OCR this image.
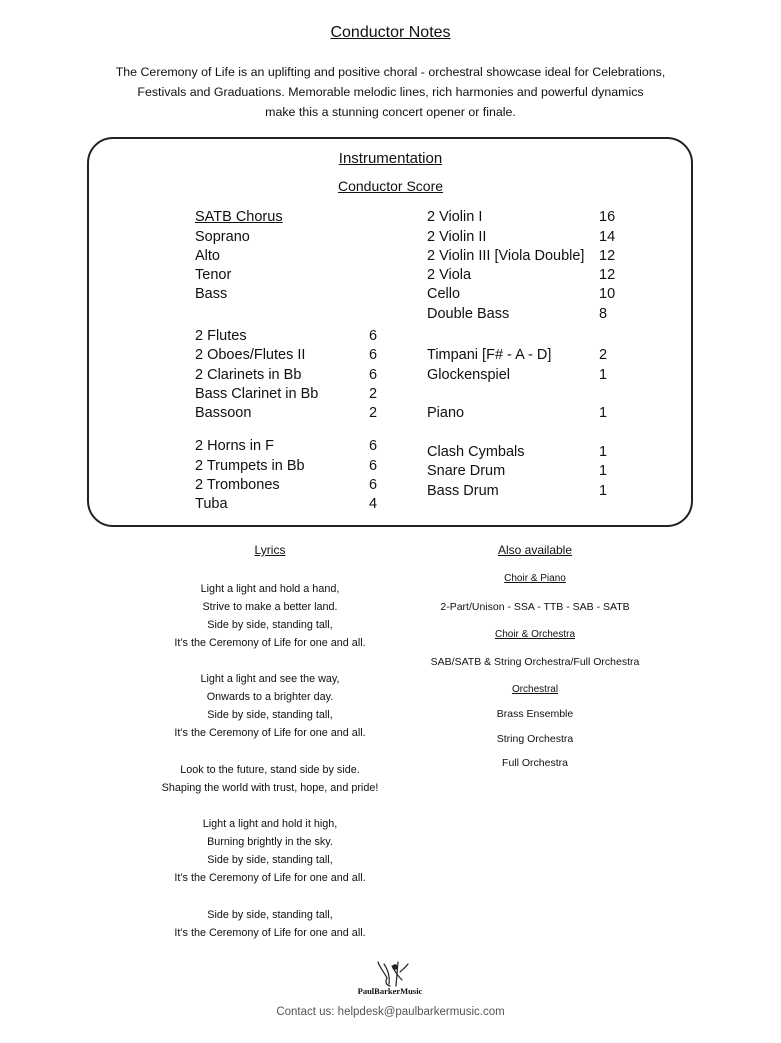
Conductor Notes
The Ceremony of Life is an uplifting and positive choral - orchestral showcase ideal for Celebrations,
Festivals and Graduations. Memorable melodic lines, rich harmonies and powerful dynamics
make this a stunning concert opener or finale.
Instrumentation
Conductor Score
SATB Chorus
Soprano
Alto
Tenor
Bass
2 Flutes	6
2 Oboes/Flutes II	6
2 Clarinets in Bb	6
Bass Clarinet in Bb	2
Bassoon	2
2 Horns in F	6
2 Trumpets in Bb	6
2 Trombones	6
Tuba	4
2 Violin I	16
2 Violin II	14
2 Violin III [Viola Double] 12
2 Viola	12
Cello	10
Double Bass	8
Timpani [F# - A - D]	2
Glockenspiel	1
Piano	1
Clash Cymbals	1
Snare Drum	1
Bass Drum	1
Lyrics
Light a light and hold a hand,
Strive to make a better land.
Side by side, standing tall,
It’s the Ceremony of Life for one and all.
Light a light and see the way,
Onwards to a brighter day.
Side by side, standing tall,
It’s the Ceremony of Life for one and all.
Look to the future, stand side by side.
Shaping the world with trust, hope, and pride!
Light a light and hold it high,
Burning brightly in the sky.
Side by side, standing tall,
It’s the Ceremony of Life for one and all.
Side by side, standing tall,
It’s the Ceremony of Life for one and all.
Also available
Choir & Piano
2-Part/Unison - SSA - TTB - SAB - SATB
Choir & Orchestra
SAB/SATB & String Orchestra/Full Orchestra
Orchestral
Brass Ensemble
String Orchestra
Full Orchestra
PaulBarkerMusic
Contact us: helpdesk@paulbarkermusic.com
